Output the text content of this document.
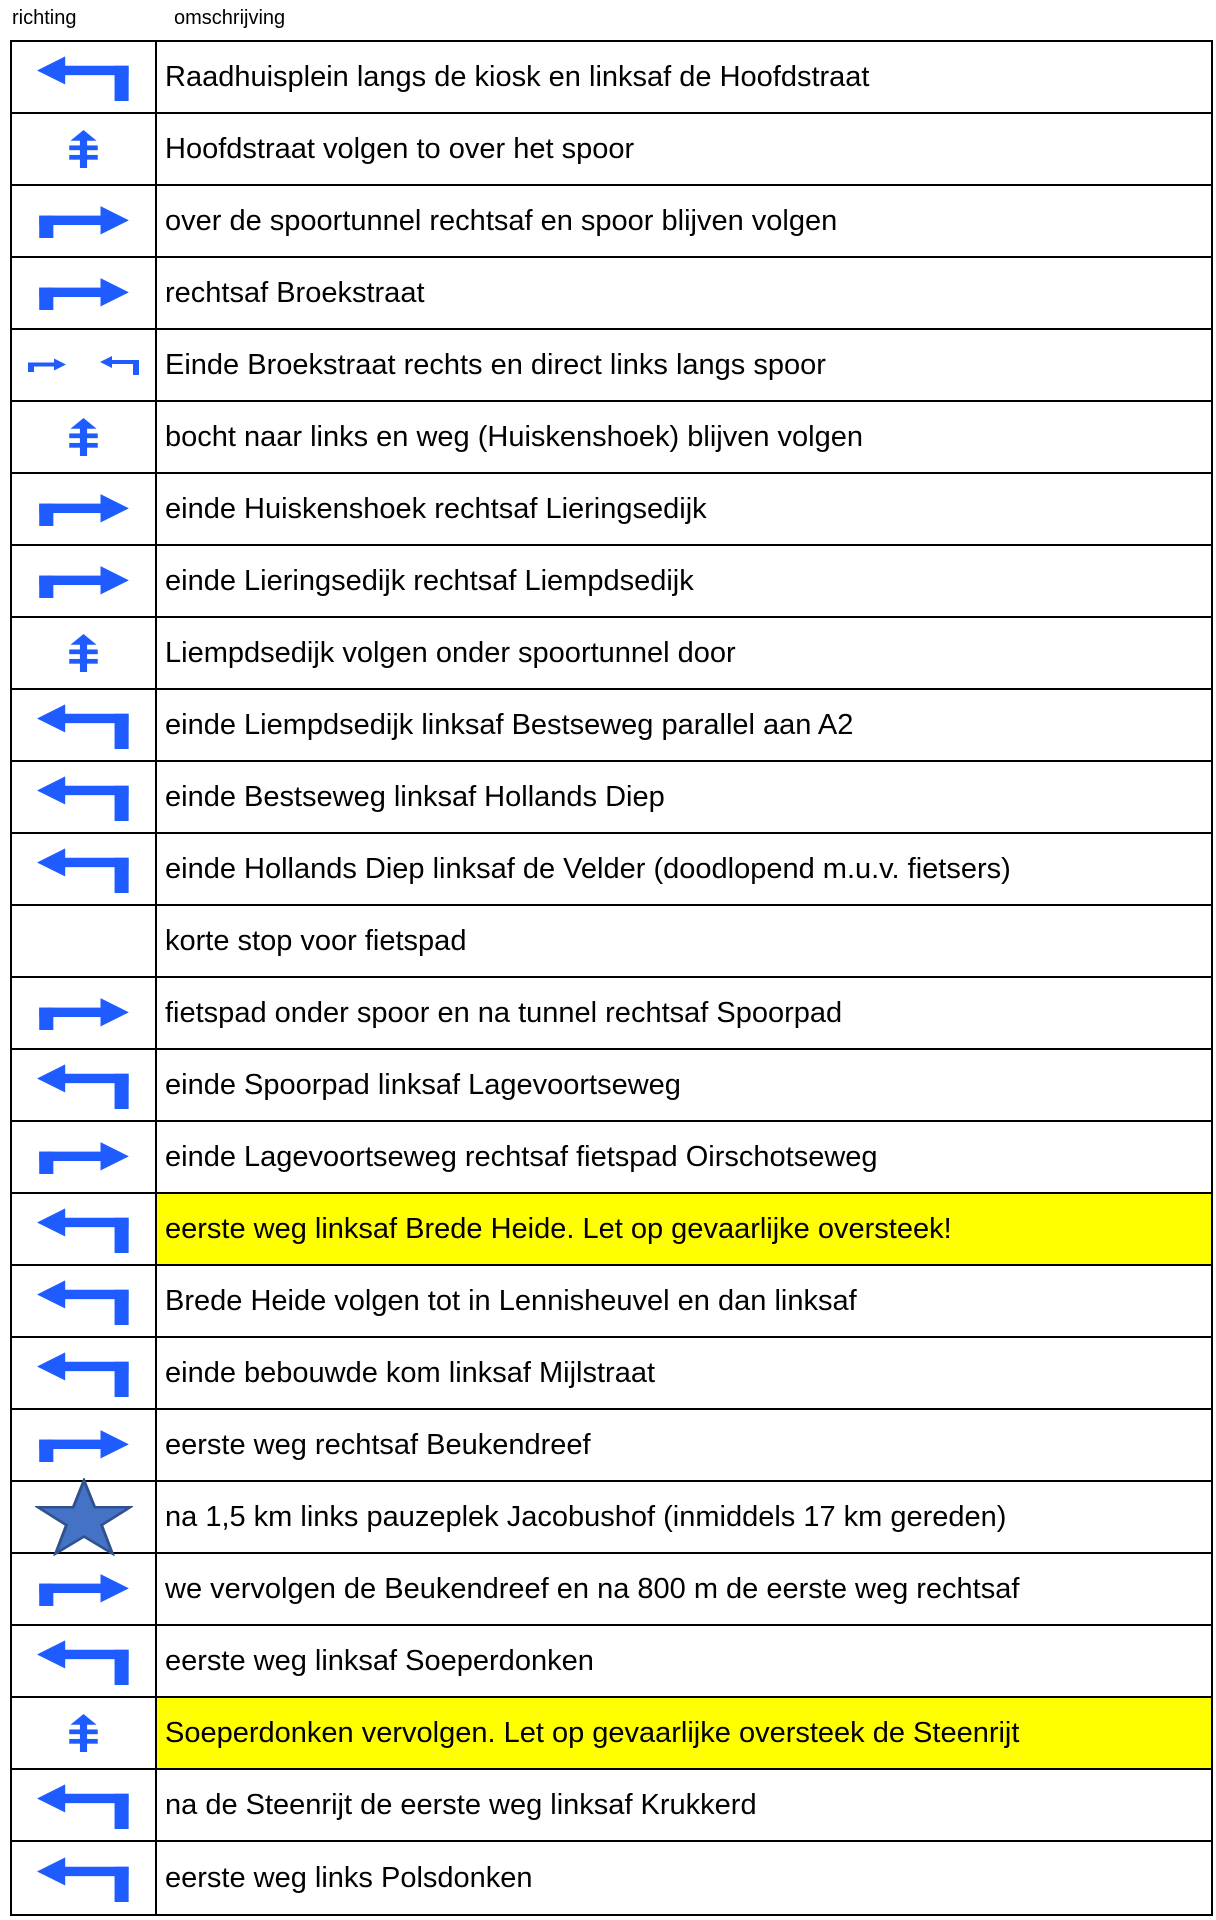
richting	omschrijving
Raadhuisplein langs de kiosk en linksaf de Hoofdstraat
Hoofdstraat volgen to over het spoor
over de spoortunnel rechtsaf en spoor blijven volgen
rechtsaf Broekstraat
Einde Broekstraat rechts en direct links langs spoor
bocht naar links en weg (Huiskenshoek) blijven volgen
einde Huiskenshoek rechtsaf Lieringsedijk
einde Lieringsedijk rechtsaf Liempdsedijk
Liempdsedijk volgen onder spoortunnel door
einde Liempdsedijk linksaf Bestseweg parallel aan A2
einde Bestseweg linksaf Hollands Diep
einde Hollands Diep linksaf de Velder (doodlopend m.u.v. fietsers)
korte stop voor fietspad
fietspad onder spoor en na tunnel rechtsaf Spoorpad
einde Spoorpad linksaf Lagevoortseweg
einde Lagevoortseweg rechtsaf fietspad Oirschotseweg
eerste weg linksaf Brede Heide. Let op gevaarlijke oversteek!
Brede Heide volgen tot in Lennisheuvel en dan linksaf
einde bebouwde kom linksaf Mijlstraat
eerste weg rechtsaf Beukendreef
na 1,5 km links pauzeplek Jacobushof (inmiddels 17 km gereden)
we vervolgen de Beukendreef en na 800 m de eerste weg rechtsaf
eerste weg linksaf Soeperdonken
Soeperdonken vervolgen. Let op gevaarlijke oversteek de Steenrijt
na de Steenrijt de eerste weg linksaf Krukkerd
eerste weg links Polsdonken
